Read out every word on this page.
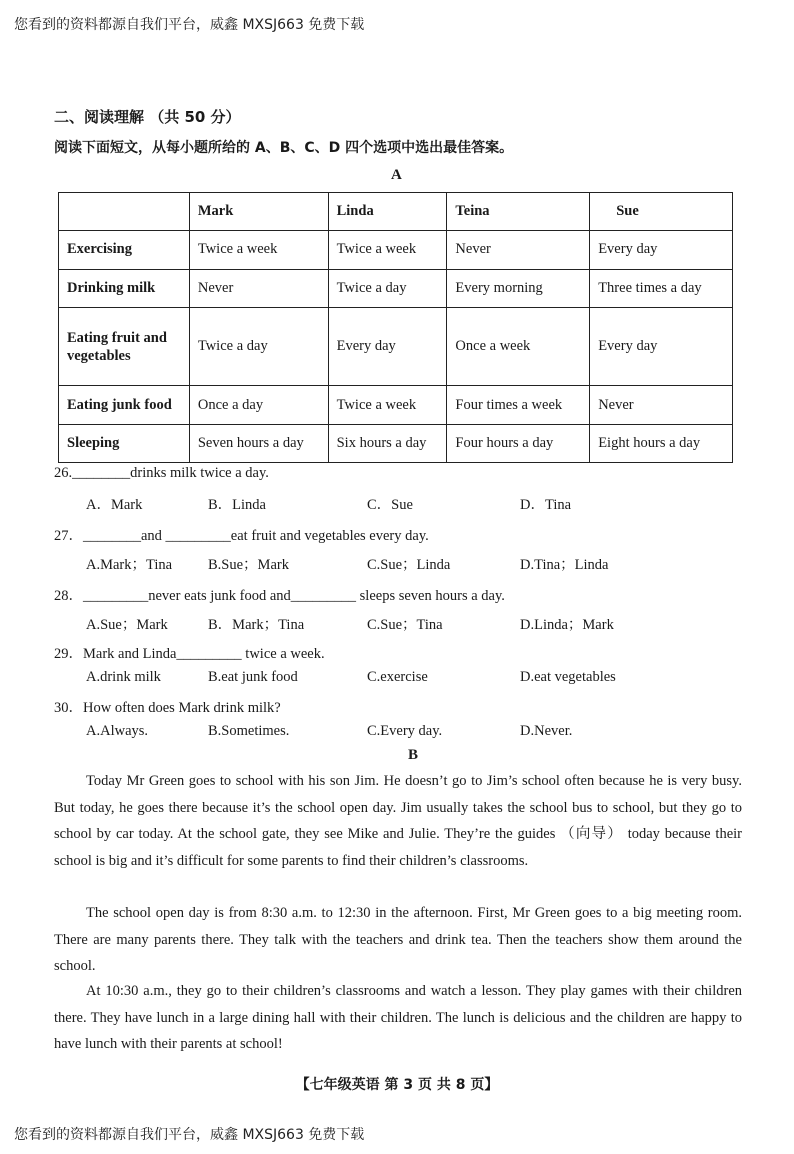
您看到的资料都源自我们平台，威鑫 MXSJ663 免费下载
二、阅读理解 （共 50 分）
阅读下面短文，从每小题所给的 A、B、C、D 四个选项中选出最佳答案。
A
	Mark	Linda	Teina	Sue
Exercising	Twice a week	Twice a week	Never	Every day
Drinking milk	Never	Twice a day	Every morning	Three times a day
Eating fruit and vegetables	Twice a day	Every day	Once a week	Every day
Eating junk food	Once a day	Twice a week	Four times a week	Never
Sleeping	Seven hours a day	Six hours a day	Four hours a day	Eight hours a day
26.________drinks milk twice a day.
A．Mark	B．Linda	C．Sue	D．Tina
27．________and _________eat fruit and vegetables every day.
A.Mark；Tina B.Sue；Mark	C.Sue；Linda	D.Tina；Linda
28．_________never eats junk food and_________ sleeps seven hours a day.
A.Sue；Mark	B．Mark；Tina	C.Sue；Tina	D.Linda；Mark
29．Mark and Linda_________ twice a week.
A.drink milk	B.eat junk food	C.exercise	D.eat vegetables
30．How often does Mark drink milk?
A.Always.	B.Sometimes.	C.Every day.	D.Never.
B

Today Mr Green goes to school with his son Jim. He doesn’t go to Jim’s school often because he is very busy. But today, he goes there because it’s the school open day. Jim usually takes the school bus to school, but they go to school by car today. At the school gate, they see Mike and Julie. They’re the guides （向导） today because their school is big and it’s difficult for some parents to find their children’s classrooms.

The school open day is from 8:30 a.m. to 12:30 in the afternoon. First, Mr Green goes to a big meeting room. There are many parents there. They talk with the teachers and drink tea. Then the teachers show them around the school.

At 10:30 a.m., they go to their children’s classrooms and watch a lesson. They play games with their children there. They have lunch in a large dining hall with their children. The lunch is delicious and the children are happy to have lunch with their parents at school!

【七年级英语 第 3 页 共 8 页】
您看到的资料都源自我们平台，威鑫 MXSJ663 免费下载
